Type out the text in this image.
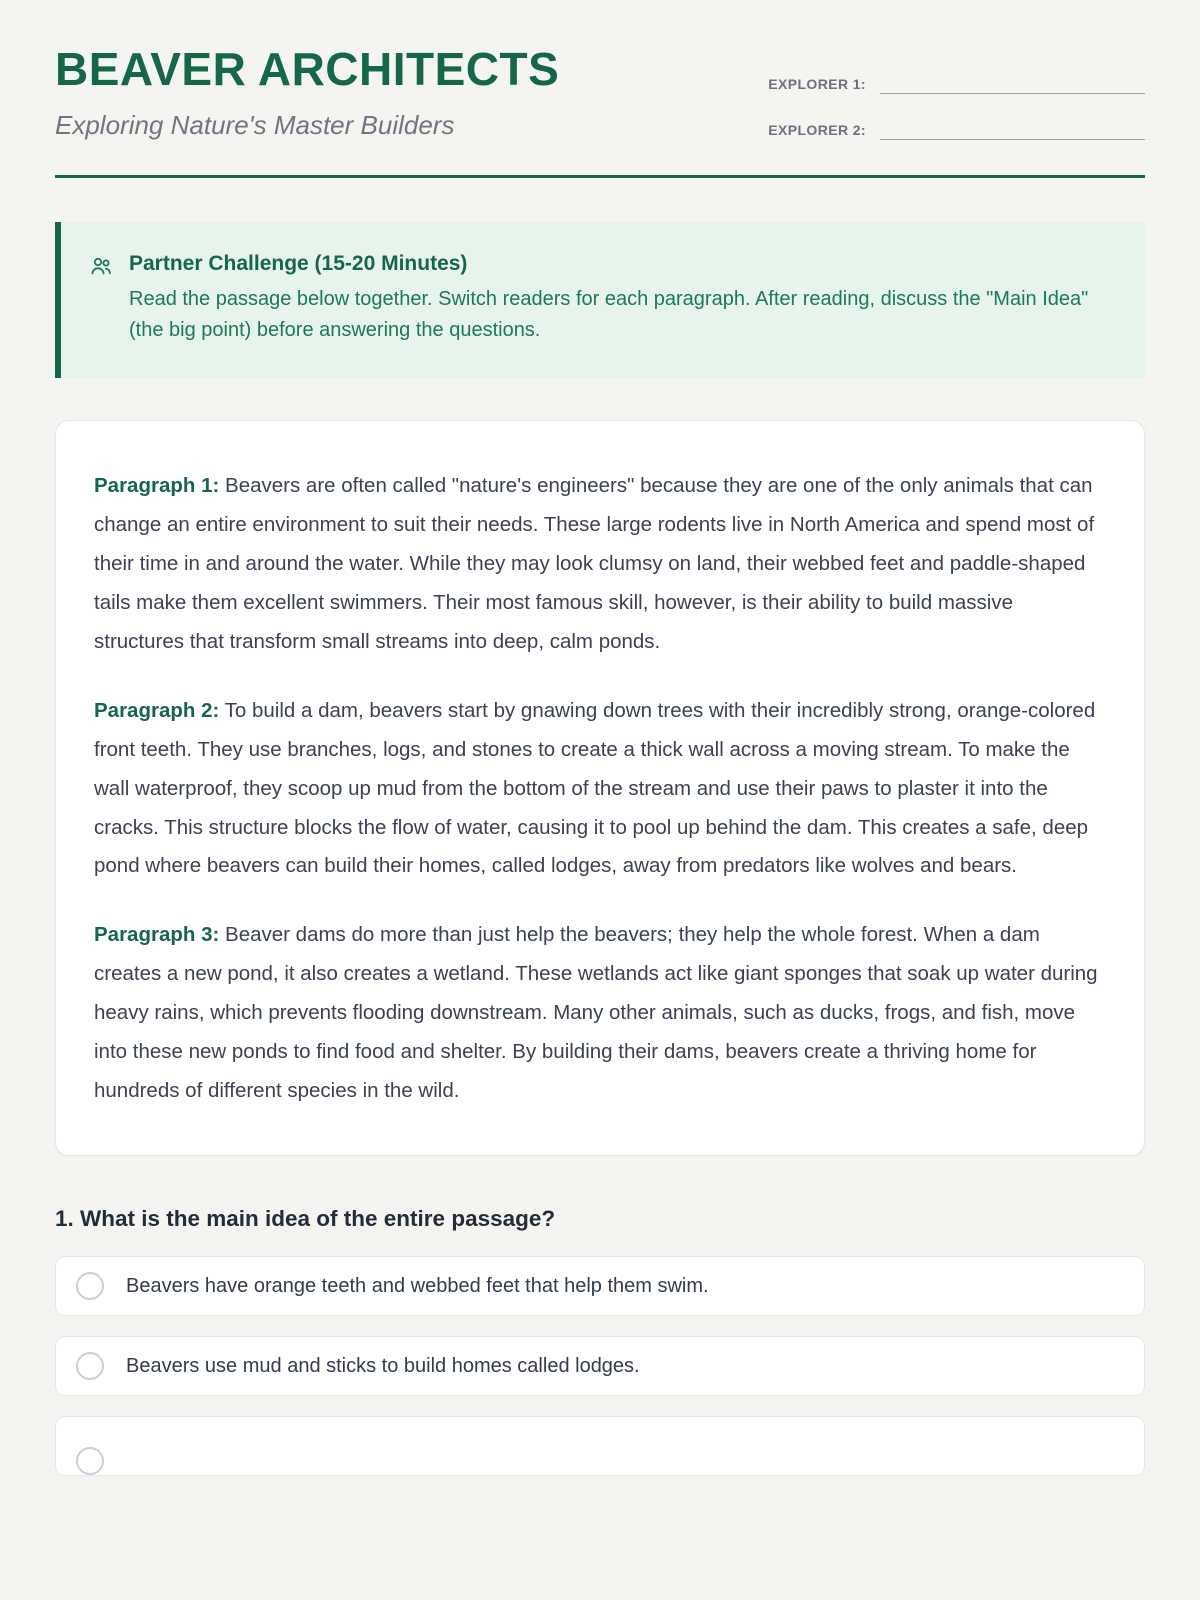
BEAVER ARCHITECTS

Exploring Nature's Master Builders

EXPLORER 1:
EXPLORER 2:
Partner Challenge (15-20 Minutes)
Read the passage below together. Switch readers for each paragraph. After reading, discuss the "Main Idea" (the big point) before answering the questions.

Paragraph 1: Beavers are often called "nature's engineers" because they are one of the only animals that can change an entire environment to suit their needs. These large rodents live in North America and spend most of their time in and around the water. While they may look clumsy on land, their webbed feet and paddle-shaped tails make them excellent swimmers. Their most famous skill, however, is their ability to build massive structures that transform small streams into deep, calm ponds.

Paragraph 2: To build a dam, beavers start by gnawing down trees with their incredibly strong, orange-colored front teeth. They use branches, logs, and stones to create a thick wall across a moving stream. To make the wall waterproof, they scoop up mud from the bottom of the stream and use their paws to plaster it into the cracks. This structure blocks the flow of water, causing it to pool up behind the dam. This creates a safe, deep pond where beavers can build their homes, called lodges, away from predators like wolves and bears.

Paragraph 3: Beaver dams do more than just help the beavers; they help the whole forest. When a dam creates a new pond, it also creates a wetland. These wetlands act like giant sponges that soak up water during heavy rains, which prevents flooding downstream. Many other animals, such as ducks, frogs, and fish, move into these new ponds to find food and shelter. By building their dams, beavers create a thriving home for hundreds of different species in the wild.

1. What is the main idea of the entire passage?
Beavers have orange teeth and webbed feet that help them swim.
Beavers use mud and sticks to build homes called lodges.
